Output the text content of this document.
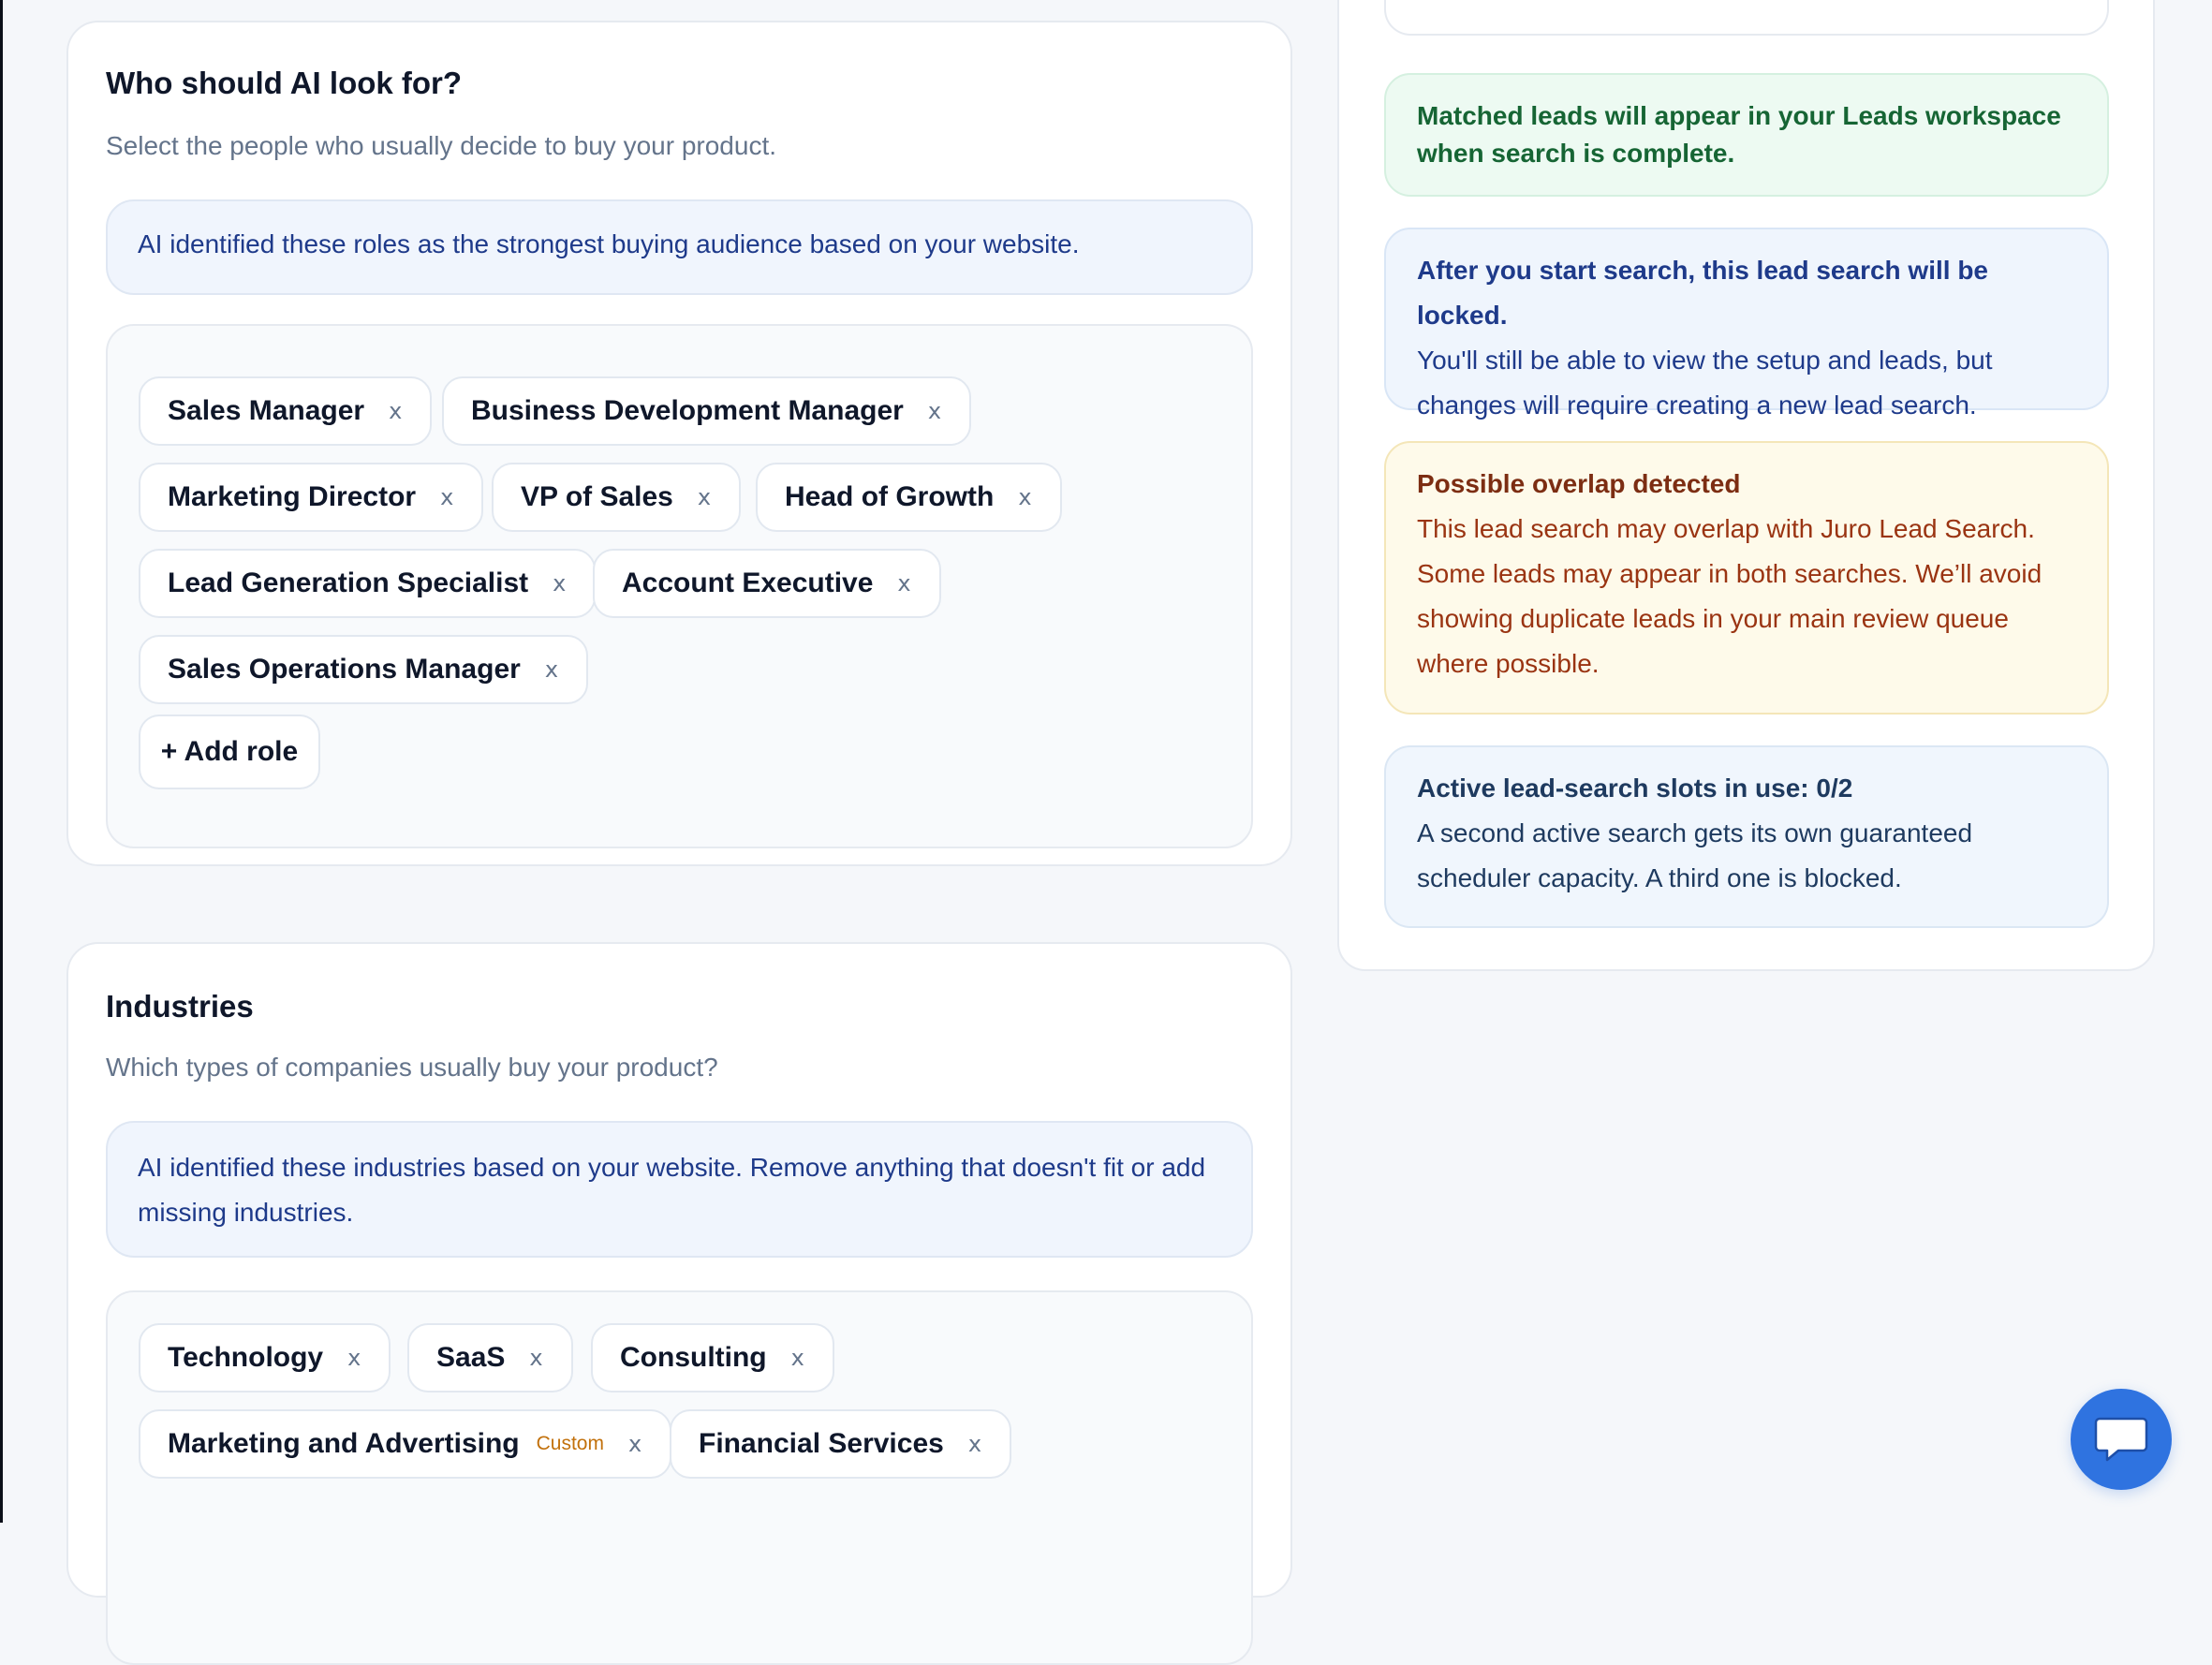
Who should AI look for?

Select the people who usually decide to buy your product.

AI identified these roles as the strongest buying audience based on your website.
Sales Manager x Business Development Manager x
Marketing Director x VP of Sales x	Head of Growth x
Lead Generation Specialist x Account Executive x
Sales Operations Manager x
+ Add role
Industries

Which types of companies usually buy your product?

AI identified these industries based on your website. Remove anything that doesn't fit or add missing industries.
Technology x	SaaS x	Consulting x
Marketing and Advertising Custom x Financial Services x
Matched leads will appear in your Leads workspace when search is complete.
After you start search, this lead search will be locked.
You'll still be able to view the setup and leads, but changes will require creating a new lead search.
Possible overlap detected
This lead search may overlap with Juro Lead Search. Some leads may appear in both searches. We’ll avoid showing duplicate leads in your main review queue where possible.
Active lead-search slots in use: 0/2
A second active search gets its own guaranteed scheduler capacity. A third one is blocked.
